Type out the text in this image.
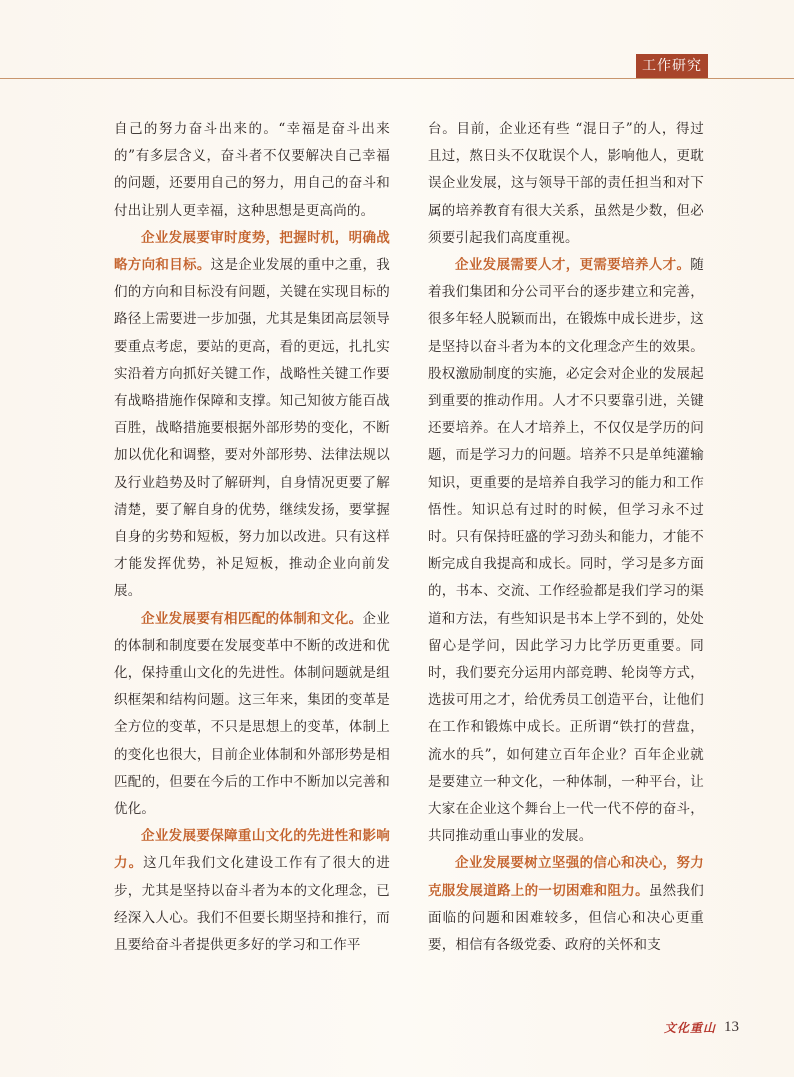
工作研究

自己的努力奋斗出来的。“幸福是奋斗出来的”有多层含义，奋斗者不仅要解决自己幸福的问题，还要用自己的努力，用自己的奋斗和付出让别人更幸福，这种思想是更高尚的。

企业发展要审时度势，把握时机，明确战略方向和目标。这是企业发展的重中之重，我们的方向和目标没有问题，关键在实现目标的路径上需要进一步加强，尤其是集团高层领导要重点考虑，要站的更高，看的更远，扎扎实实沿着方向抓好关键工作，战略性关键工作要有战略措施作保障和支撑。知己知彼方能百战百胜，战略措施要根据外部形势的变化，不断加以优化和调整，要对外部形势、法律法规以及行业趋势及时了解研判，自身情况更要了解清楚，要了解自身的优势，继续发扬，要掌握自身的劣势和短板，努力加以改进。只有这样才能发挥优势，补足短板，推动企业向前发展。

企业发展要有相匹配的体制和文化。企业的体制和制度要在发展变革中不断的改进和优化，保持重山文化的先进性。体制问题就是组织框架和结构问题。这三年来，集团的变革是全方位的变革，不只是思想上的变革，体制上的变化也很大，目前企业体制和外部形势是相匹配的，但要在今后的工作中不断加以完善和优化。

企业发展要保障重山文化的先进性和影响力。这几年我们文化建设工作有了很大的进步，尤其是坚持以奋斗者为本的文化理念，已经深入人心。我们不但要长期坚持和推行，而且要给奋斗者提供更多好的学习和工作平

台。目前，企业还有些 “混日子”的人，得过且过，熬日头不仅耽误个人，影响他人，更耽误企业发展，这与领导干部的责任担当和对下属的培养教育有很大关系，虽然是少数，但必须要引起我们高度重视。

企业发展需要人才，更需要培养人才。随着我们集团和分公司平台的逐步建立和完善，很多年轻人脱颖而出，在锻炼中成长进步，这是坚持以奋斗者为本的文化理念产生的效果。股权激励制度的实施，必定会对企业的发展起到重要的推动作用。人才不只要靠引进，关键还要培养。在人才培养上，不仅仅是学历的问题，而是学习力的问题。培养不只是单纯灌输知识，更重要的是培养自我学习的能力和工作悟性。知识总有过时的时候，但学习永不过时。只有保持旺盛的学习劲头和能力，才能不断完成自我提高和成长。同时，学习是多方面的，书本、交流、工作经验都是我们学习的渠道和方法，有些知识是书本上学不到的，处处留心是学问，因此学习力比学历更重要。同时，我们要充分运用内部竞聘、轮岗等方式，选拔可用之才，给优秀员工创造平台，让他们在工作和锻炼中成长。正所谓“铁打的营盘，流水的兵”，如何建立百年企业？百年企业就是要建立一种文化，一种体制，一种平台，让大家在企业这个舞台上一代一代不停的奋斗，共同推动重山事业的发展。

企业发展要树立坚强的信心和决心，努力克服发展道路上的一切困难和阻力。虽然我们面临的问题和困难较多，但信心和决心更重要，相信有各级党委、政府的关怀和支

文化重山 13
